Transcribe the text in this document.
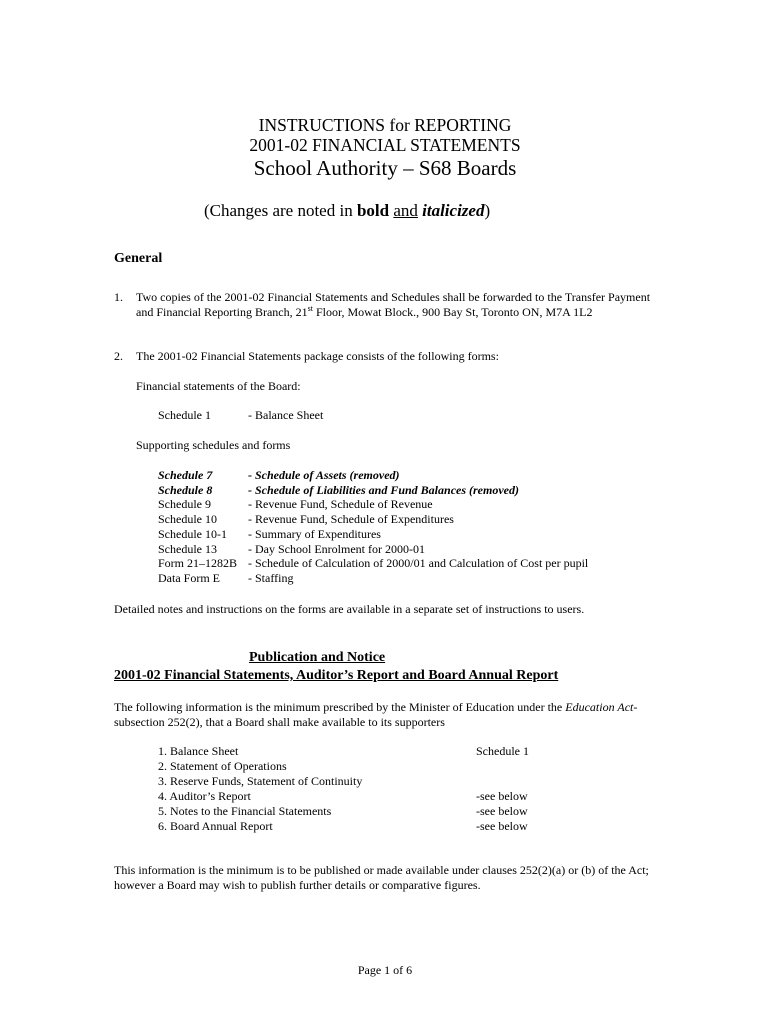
INSTRUCTIONS for REPORTING

2001-02 FINANCIAL STATEMENTS

School Authority – S68 Boards

(Changes are noted in bold and italicized)

General

1. Two copies of the 2001-02 Financial Statements and Schedules shall be forwarded to the Transfer Payment and Financial Reporting Branch, 21st Floor, Mowat Block., 900 Bay St, Toronto ON, M7A 1L2

2. The 2001-02 Financial Statements package consists of the following forms:

Financial statements of the Board:

Schedule 1	- Balance Sheet

Supporting schedules and forms

Schedule 7	- Schedule of Assets (removed)
Schedule 8	- Schedule of Liabilities and Fund Balances (removed)
Schedule 9	- Revenue Fund, Schedule of Revenue
Schedule 10	- Revenue Fund, Schedule of Expenditures
Schedule 10-1	- Summary of Expenditures
Schedule 13	- Day School Enrolment for 2000-01
Form 21–1282B	- Schedule of Calculation of 2000/01 and Calculation of Cost per pupil
Data Form E	- Staffing

Detailed notes and instructions on the forms are available in a separate set of instructions to users.

Publication and Notice

2001-02 Financial Statements, Auditor’s Report and Board Annual Report

The following information is the minimum prescribed by the Minister of Education under the Education Act-subsection 252(2), that a Board shall make available to its supporters

1. Balance Sheet	Schedule 1
2. Statement of Operations
3. Reserve Funds, Statement of Continuity
4. Auditor’s Report	-see below
5. Notes to the Financial Statements	-see below
6. Board Annual Report	-see below

This information is the minimum is to be published or made available under clauses 252(2)(a) or (b) of the Act; however a Board may wish to publish further details or comparative figures.

Page 1 of 6
